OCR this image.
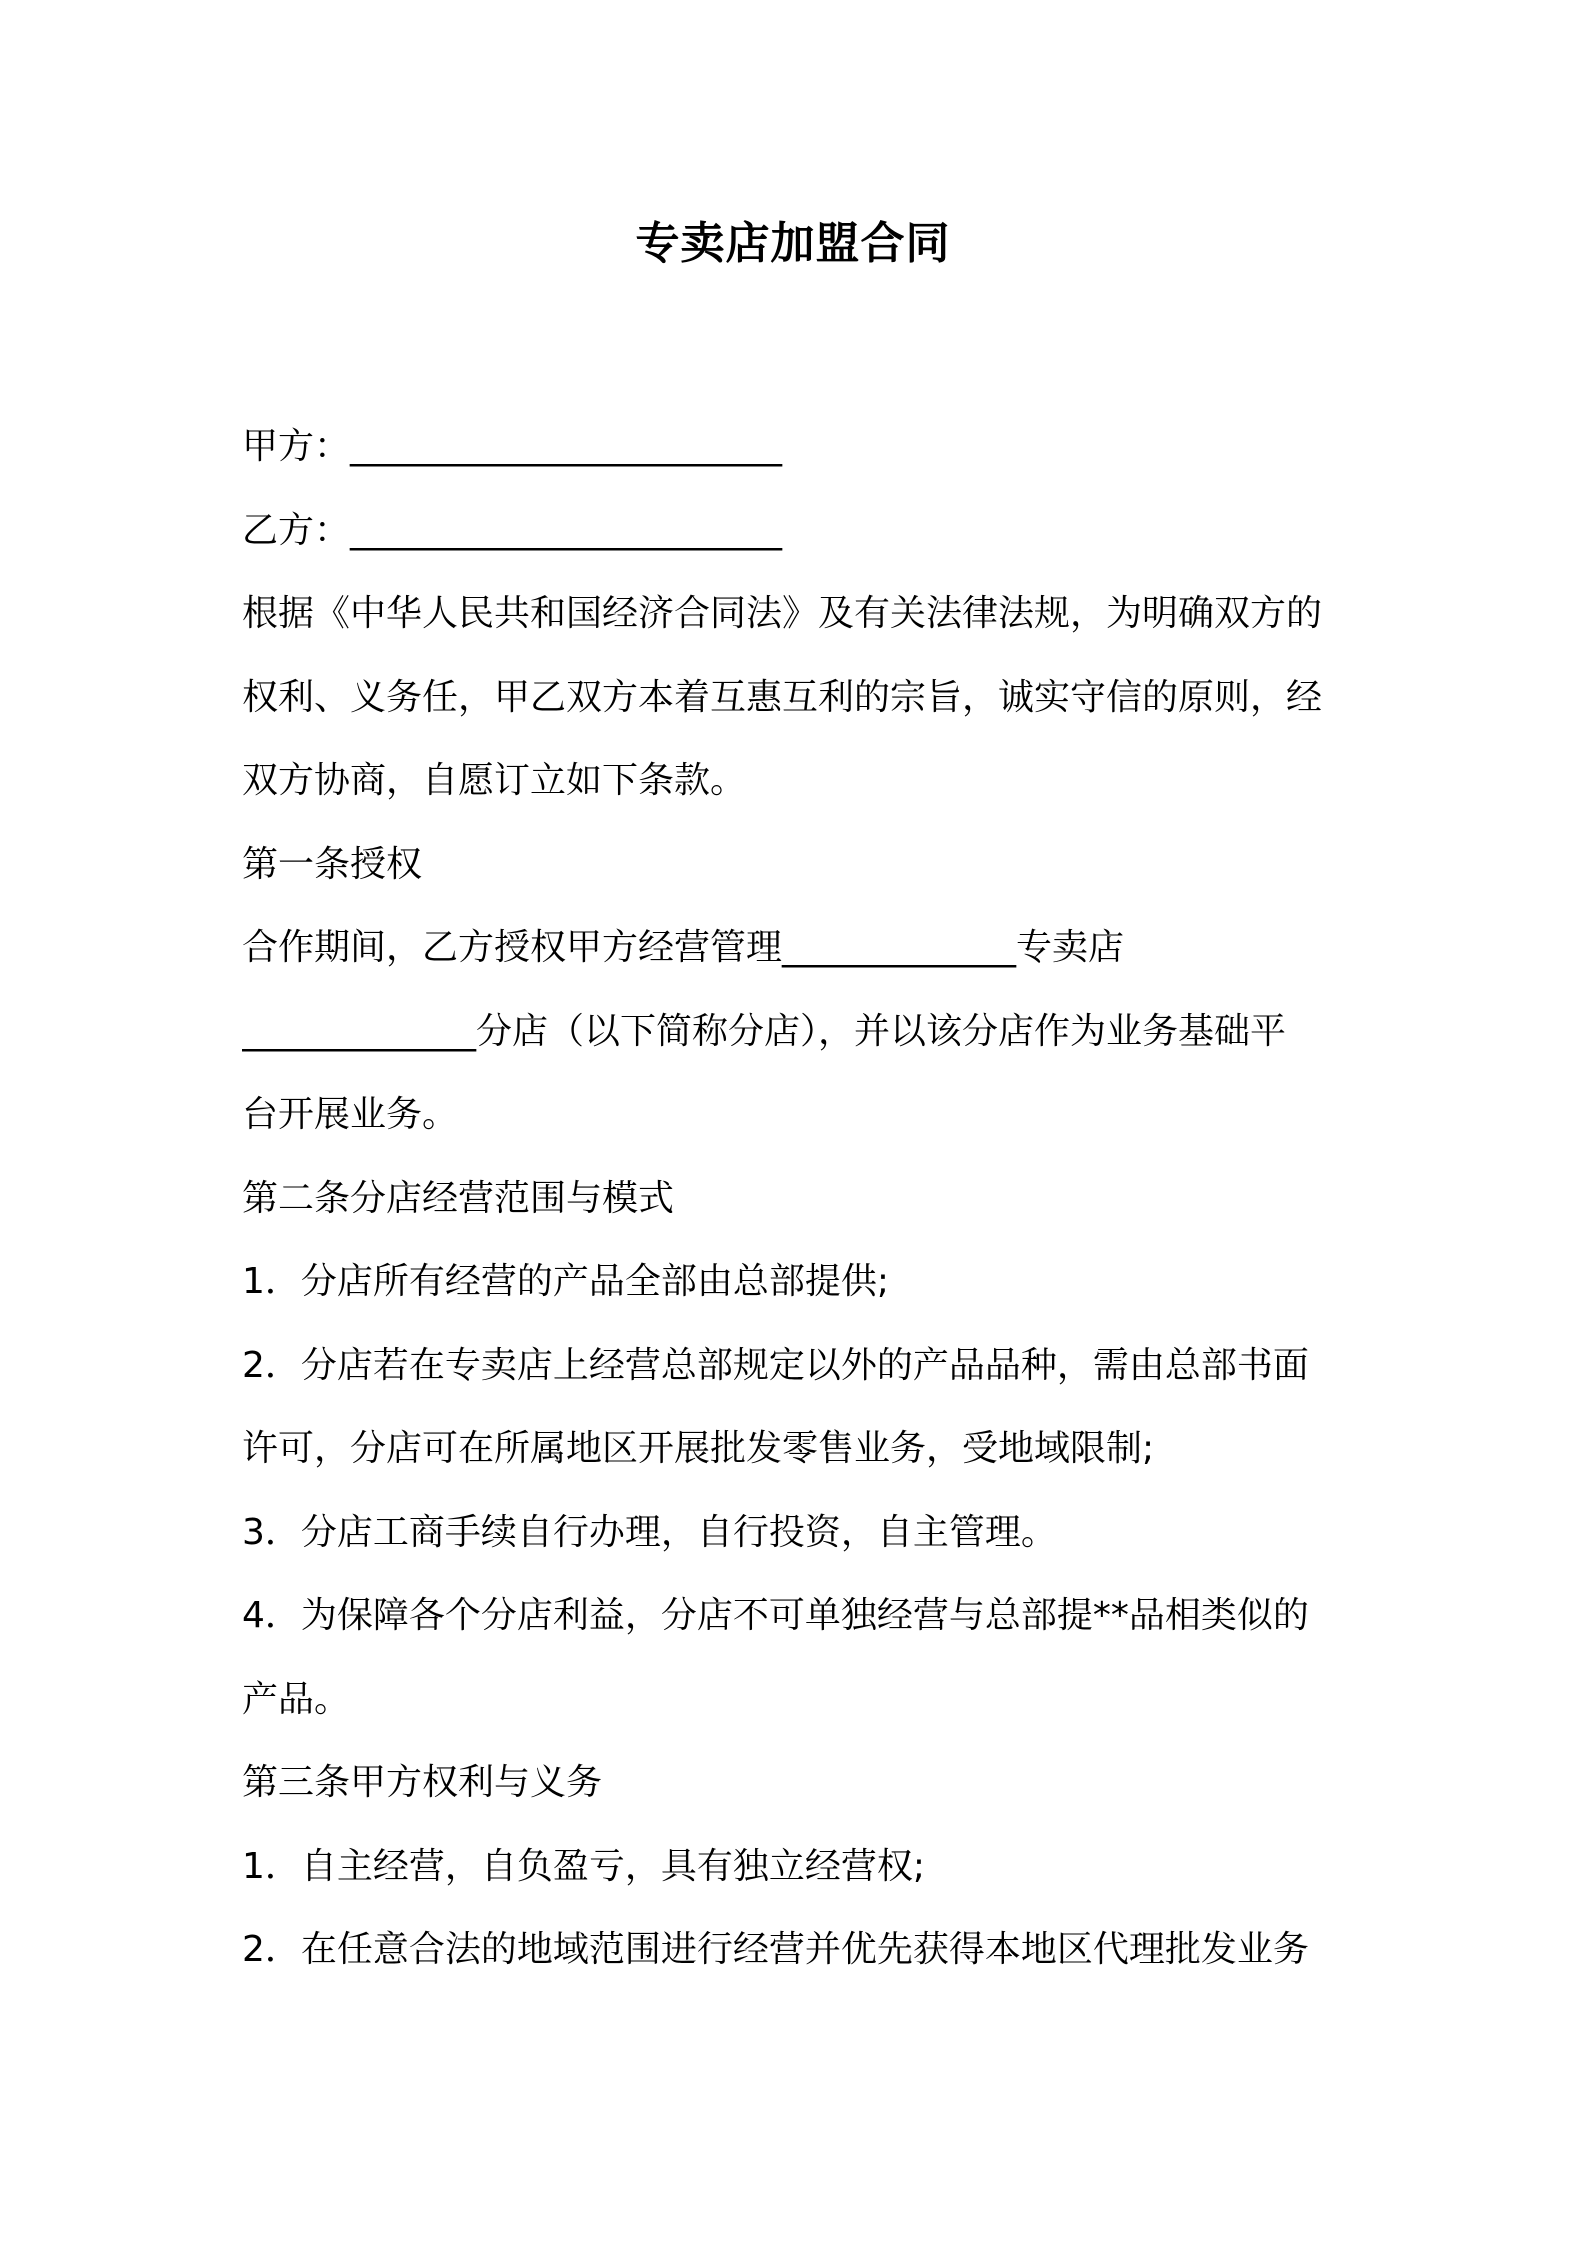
专卖店加盟合同
甲方：________________________
乙方：________________________
根据《中华人民共和国经济合同法》及有关法律法规，为明确双方的
权利、义务任，甲乙双方本着互惠互利的宗旨，诚实守信的原则，经
双方协商，自愿订立如下条款。
第一条授权
合作期间，乙方授权甲方经营管理_____________专卖店
_____________分店（以下简称分店），并以该分店作为业务基础平
台开展业务。
第二条分店经营范围与模式
1．分店所有经营的产品全部由总部提供;
2．分店若在专卖店上经营总部规定以外的产品品种，需由总部书面
许可，分店可在所属地区开展批发零售业务，受地域限制;
3．分店工商手续自行办理，自行投资，自主管理。
4．为保障各个分店利益，分店不可单独经营与总部提**品相类似的
产品。
第三条甲方权利与义务
1．自主经营，自负盈亏，具有独立经营权;
2．在任意合法的地域范围进行经营并优先获得本地区代理批发业务
